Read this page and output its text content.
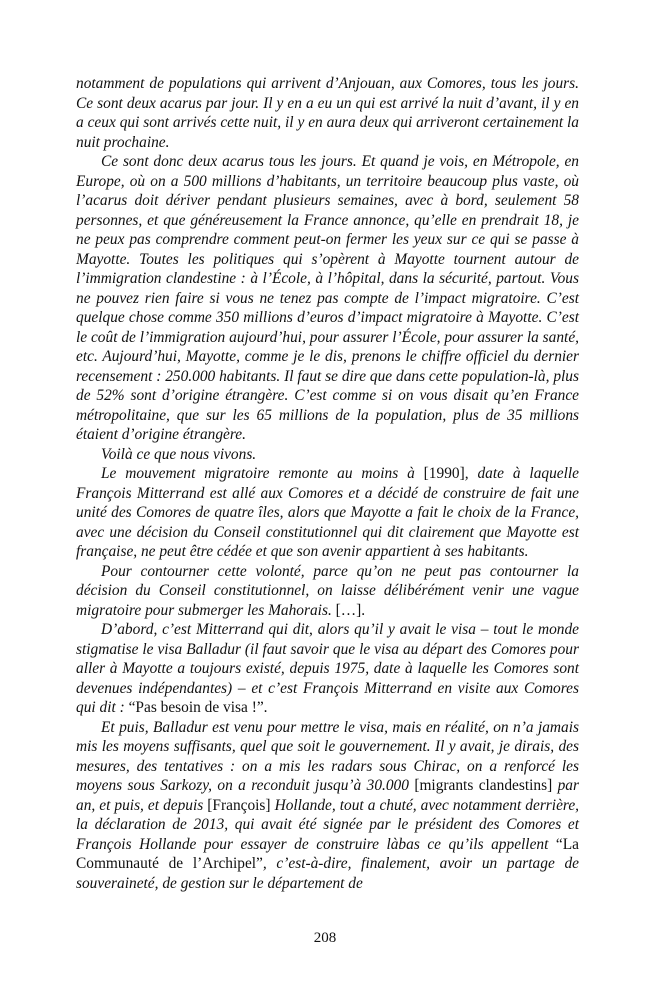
notamment de populations qui arrivent d’Anjouan, aux Comores, tous les jours. Ce sont deux acarus par jour. Il y en a eu un qui est arrivé la nuit d’avant, il y en a ceux qui sont arrivés cette nuit, il y en aura deux qui arriveront certainement la nuit prochaine.

Ce sont donc deux acarus tous les jours. Et quand je vois, en Métropole, en Europe, où on a 500 millions d’habitants, un territoire beaucoup plus vaste, où l’acarus doit dériver pendant plusieurs semaines, avec à bord, seulement 58 personnes, et que généreusement la France annonce, qu’elle en prendrait 18, je ne peux pas comprendre comment peut-on fermer les yeux sur ce qui se passe à Mayotte. Toutes les politiques qui s’opèrent à Mayotte tournent autour de l’immigration clandestine : à l’École, à l’hôpital, dans la sécurité, partout. Vous ne pouvez rien faire si vous ne tenez pas compte de l’impact migratoire. C’est quelque chose comme 350 millions d’euros d’impact migratoire à Mayotte. C’est le coût de l’immigration aujourd’hui, pour assurer l’École, pour assurer la santé, etc. Aujourd’hui, Mayotte, comme je le dis, prenons le chiffre officiel du dernier recensement : 250.000 habitants. Il faut se dire que dans cette population-là, plus de 52% sont d’origine étrangère. C’est comme si on vous disait qu’en France métropolitaine, que sur les 65 millions de la population, plus de 35 millions étaient d’origine étrangère.

Voilà ce que nous vivons.

Le mouvement migratoire remonte au moins à [1990], date à laquelle François Mitterrand est allé aux Comores et a décidé de construire de fait une unité des Comores de quatre îles, alors que Mayotte a fait le choix de la France, avec une décision du Conseil constitutionnel qui dit clairement que Mayotte est française, ne peut être cédée et que son avenir appartient à ses habitants.

Pour contourner cette volonté, parce qu’on ne peut pas contourner la décision du Conseil constitutionnel, on laisse délibérément venir une vague migratoire pour submerger les Mahorais. […].

D’abord, c’est Mitterrand qui dit, alors qu’il y avait le visa – tout le monde stigmatise le visa Balladur (il faut savoir que le visa au départ des Comores pour aller à Mayotte a toujours existé, depuis 1975, date à laquelle les Comores sont devenues indépendantes) – et c’est François Mitterrand en visite aux Comores qui dit : “Pas besoin de visa !”.

Et puis, Balladur est venu pour mettre le visa, mais en réalité, on n’a jamais mis les moyens suffisants, quel que soit le gouvernement. Il y avait, je dirais, des mesures, des tentatives : on a mis les radars sous Chirac, on a renforcé les moyens sous Sarkozy, on a reconduit jusqu’à 30.000 [migrants clandestins] par an, et puis, et depuis [François] Hollande, tout a chuté, avec notamment derrière, la déclaration de 2013, qui avait été signée par le président des Comores et François Hollande pour essayer de construire làbas ce qu’ils appellent “La Communauté de l’Archipel”, c’est-à-dire, finalement, avoir un partage de souveraineté, de gestion sur le département de

208
